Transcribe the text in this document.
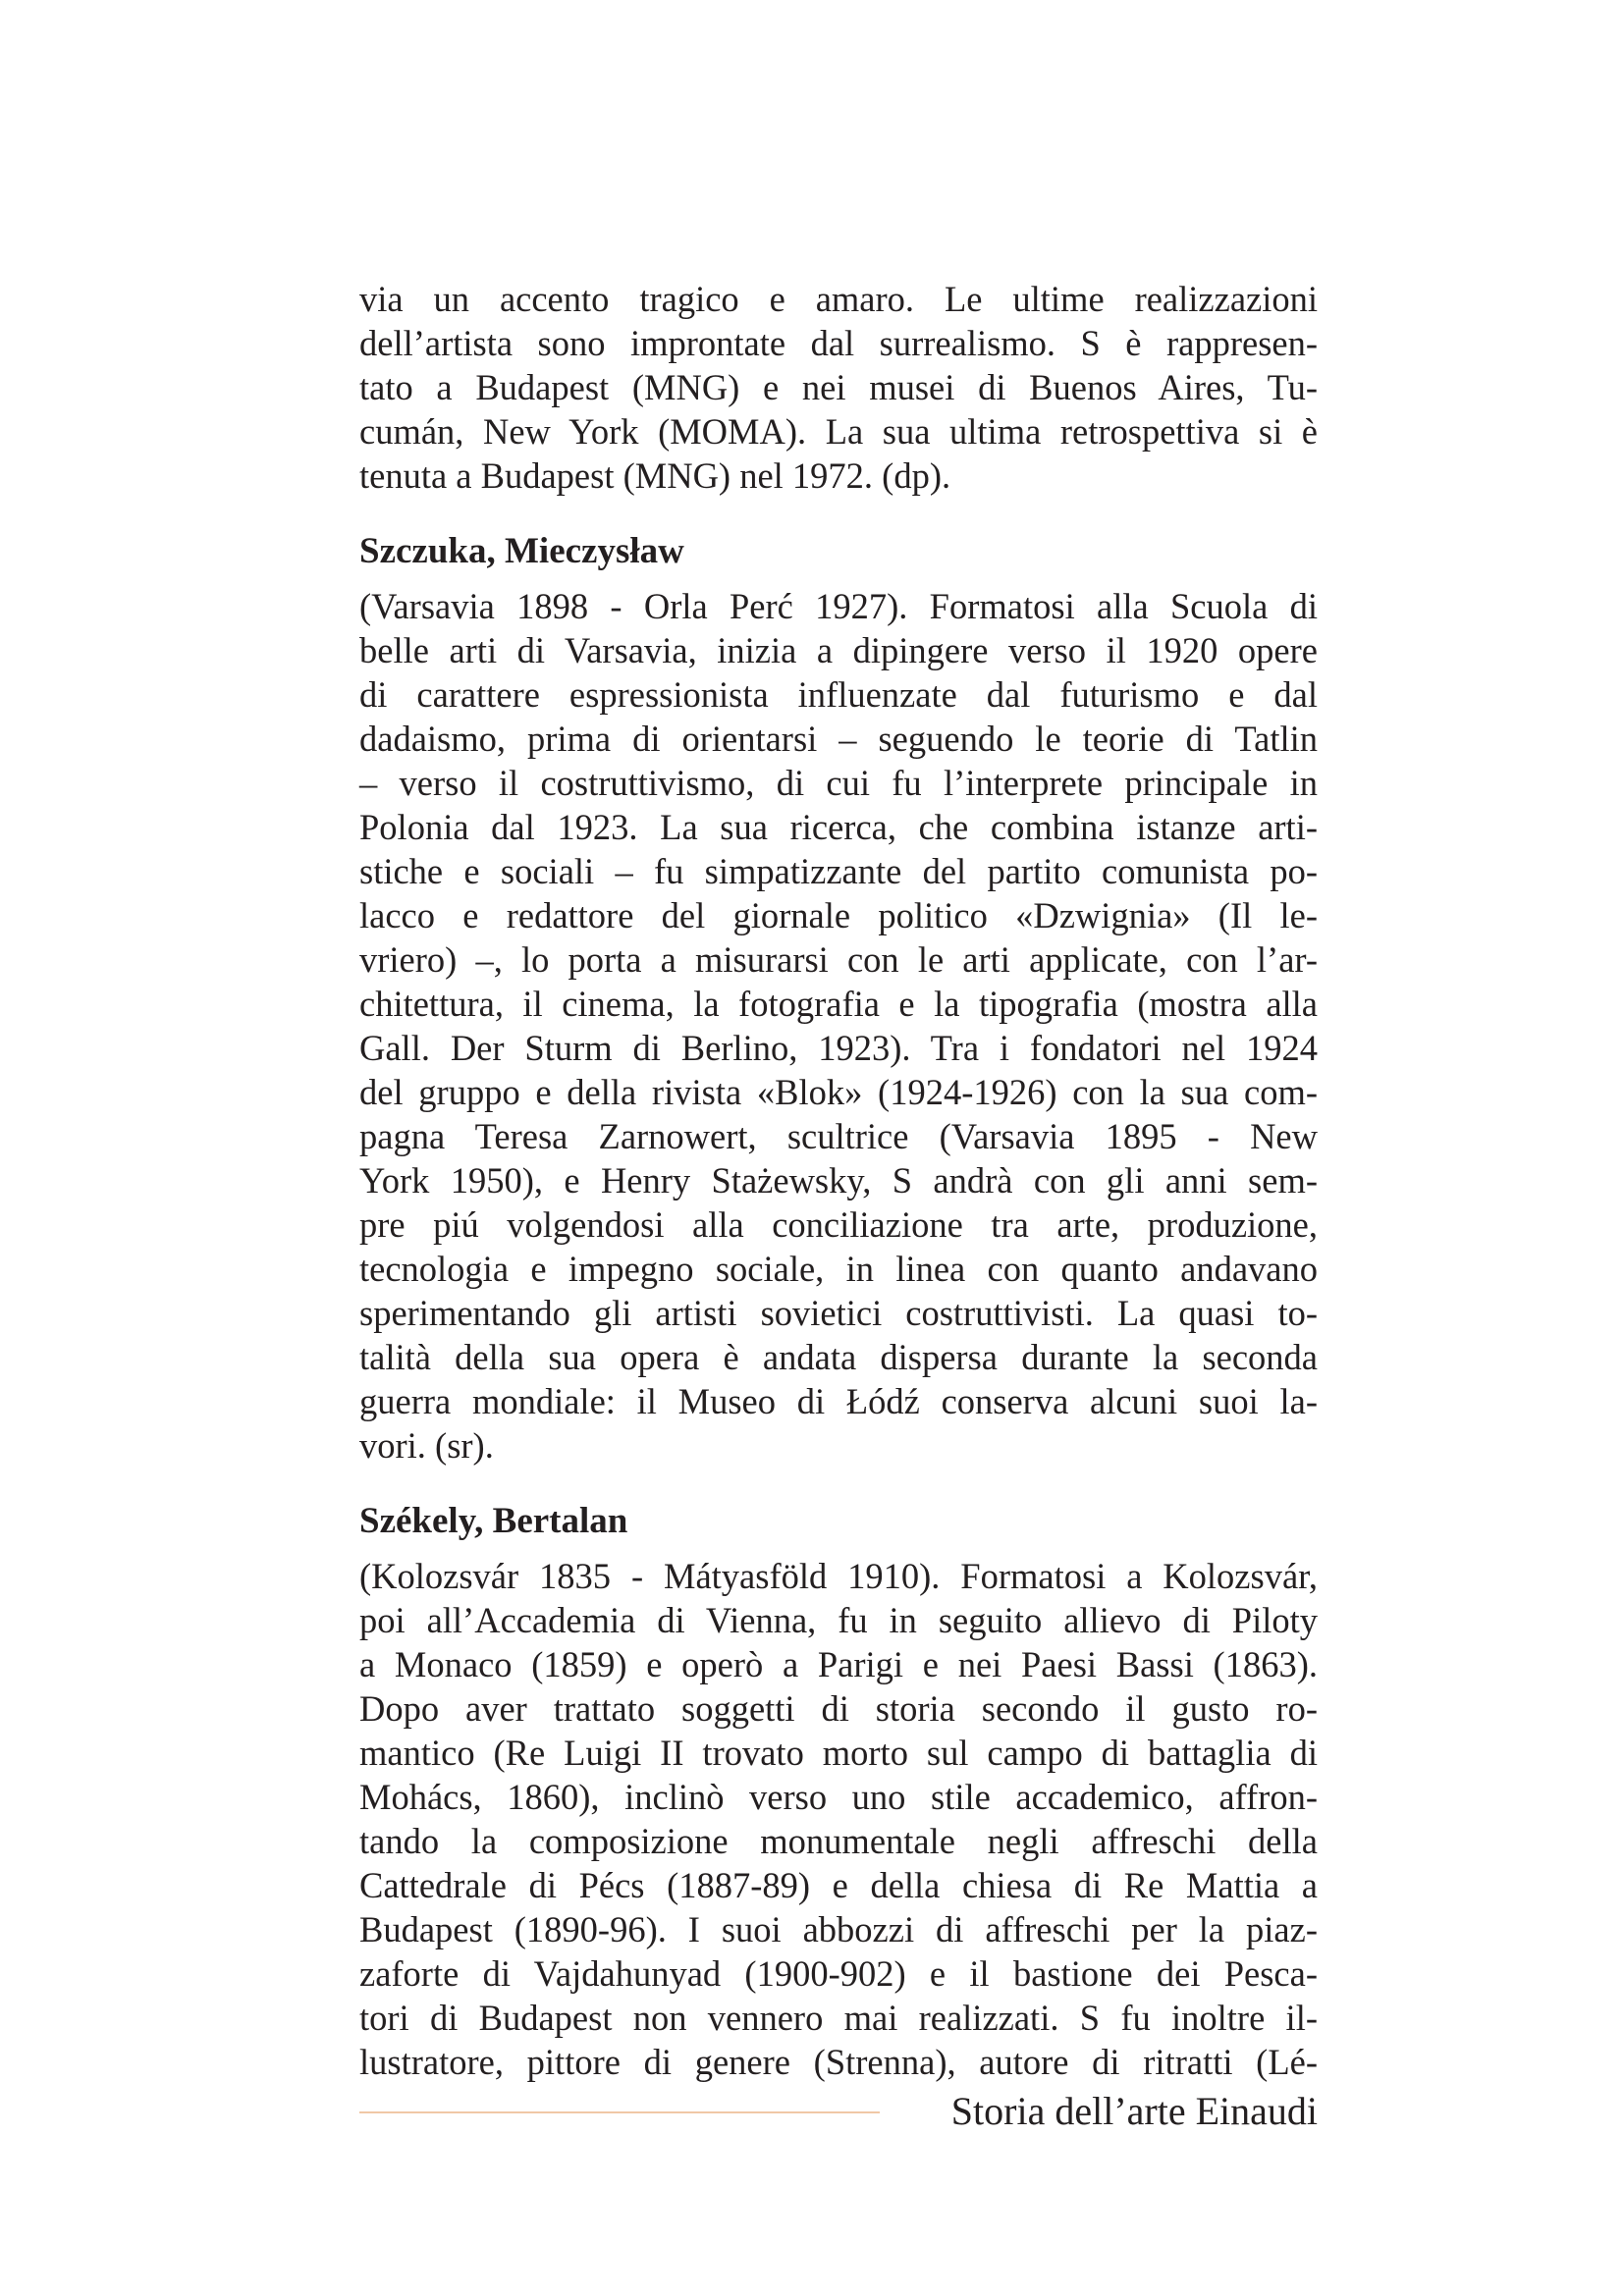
via un accento tragico e amaro. Le ultime realizzazioni
dell’artista sono improntate dal surrealismo. S è rappresen-
tato a Budapest (MNG) e nei musei di Buenos Aires, Tu-
cumán, New York (MOMA). La sua ultima retrospettiva si è
tenuta a Budapest (MNG) nel 1972. (dp).
Szczuka, Mieczysław
(Varsavia 1898 - Orla Perć 1927). Formatosi alla Scuola di
belle arti di Varsavia, inizia a dipingere verso il 1920 opere
di carattere espressionista influenzate dal futurismo e dal
dadaismo, prima di orientarsi – seguendo le teorie di Tatlin
– verso il costruttivismo, di cui fu l’interprete principale in
Polonia dal 1923. La sua ricerca, che combina istanze arti-
stiche e sociali – fu simpatizzante del partito comunista po-
lacco e redattore del giornale politico «Dzwignia» (Il le-
vriero) –, lo porta a misurarsi con le arti applicate, con l’ar-
chitettura, il cinema, la fotografia e la tipografia (mostra alla
Gall. Der Sturm di Berlino, 1923). Tra i fondatori nel 1924
del gruppo e della rivista «Blok» (1924-1926) con la sua com-
pagna Teresa Zarnowert, scultrice (Varsavia 1895 - New
York 1950), e Henry Stażewsky, S andrà con gli anni sem-
pre piú volgendosi alla conciliazione tra arte, produzione,
tecnologia e impegno sociale, in linea con quanto andavano
sperimentando gli artisti sovietici costruttivisti. La quasi to-
talità della sua opera è andata dispersa durante la seconda
guerra mondiale: il Museo di Łódź conserva alcuni suoi la-
vori. (sr).
Székely, Bertalan
(Kolozsvár 1835 - Mátyasföld 1910). Formatosi a Kolozsvár,
poi all’Accademia di Vienna, fu in seguito allievo di Piloty
a Monaco (1859) e operò a Parigi e nei Paesi Bassi (1863).
Dopo aver trattato soggetti di storia secondo il gusto ro-
mantico (Re Luigi II trovato morto sul campo di battaglia di
Mohács, 1860), inclinò verso uno stile accademico, affron-
tando la composizione monumentale negli affreschi della
Cattedrale di Pécs (1887-89) e della chiesa di Re Mattia a
Budapest (1890-96). I suoi abbozzi di affreschi per la piaz-
zaforte di Vajdahunyad (1900-902) e il bastione dei Pesca-
tori di Budapest non vennero mai realizzati. S fu inoltre il-
lustratore, pittore di genere (Strenna), autore di ritratti (Lé-
Storia dell’arte Einaudi
